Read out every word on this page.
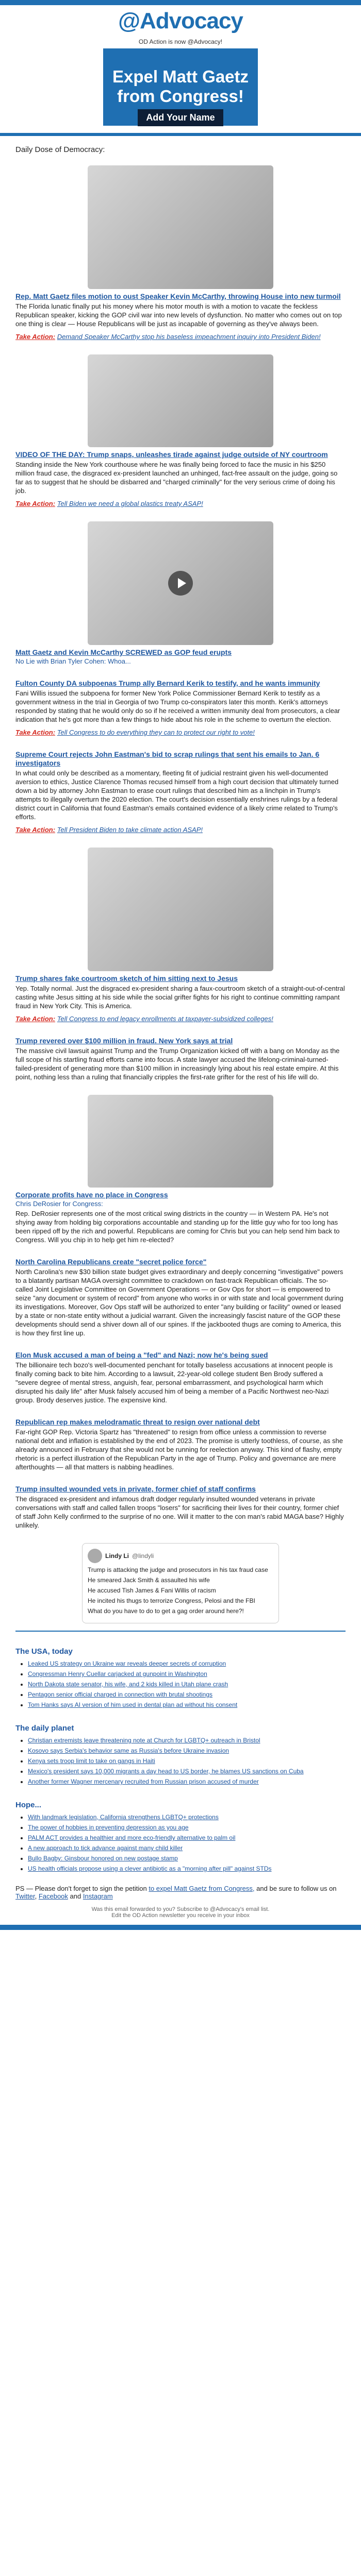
@Advocacy
OD Action is now @Advocacy!
Expel Matt Gaetz from Congress!
Add Your Name
Daily Dose of Democracy:
Rep. Matt Gaetz files motion to oust Speaker Kevin McCarthy, throwing House into new turmoil

The Florida lunatic finally put his money where his motor mouth is with a motion to vacate the feckless Republican speaker, kicking the GOP civil war into new levels of dysfunction. No matter who comes out on top one thing is clear — House Republicans will be just as incapable of governing as they've always been.

Take Action: Demand Speaker McCarthy stop his baseless impeachment inquiry into President Biden!
VIDEO OF THE DAY: Trump snaps, unleashes tirade against judge outside of NY courtroom

Standing inside the New York courthouse where he was finally being forced to face the music in his $250 million fraud case, the disgraced ex-president launched an unhinged, fact-free assault on the judge, going so far as to suggest that he should be disbarred and "charged criminally" for the very serious crime of doing his job.

Take Action: Tell Biden we need a global plastics treaty ASAP!
Matt Gaetz and Kevin McCarthy SCREWED as GOP feud erupts
No Lie with Brian Tyler Cohen: Whoa...
Fulton County DA subpoenas Trump ally Bernard Kerik to testify, and he wants immunity

Fani Willis issued the subpoena for former New York Police Commissioner Bernard Kerik to testify as a government witness in the trial in Georgia of two Trump co-conspirators later this month. Kerik's attorneys responded by stating that he would only do so if he received a written immunity deal from prosecutors, a clear indication that he's got more than a few things to hide about his role in the scheme to overturn the election.

Take Action: Tell Congress to do everything they can to protect our right to vote!
Supreme Court rejects John Eastman's bid to scrap rulings that sent his emails to Jan. 6 investigators

In what could only be described as a momentary, fleeting fit of judicial restraint given his well-documented aversion to ethics, Justice Clarence Thomas recused himself from a high court decision that ultimately turned down a bid by attorney John Eastman to erase court rulings that described him as a linchpin in Trump's attempts to illegally overturn the 2020 election. The court's decision essentially enshrines rulings by a federal district court in California that found Eastman's emails contained evidence of a likely crime related to Trump's efforts.

Take Action: Tell President Biden to take climate action ASAP!
Trump shares fake courtroom sketch of him sitting next to Jesus

Yep. Totally normal. Just the disgraced ex-president sharing a faux-courtroom sketch of a straight-out-of-central casting white Jesus sitting at his side while the social grifter fights for his right to continue committing rampant fraud in New York City. This is America.

Take Action: Tell Congress to end legacy enrollments at taxpayer-subsidized colleges!
Trump revered over $100 million in fraud. New York says at trial

The massive civil lawsuit against Trump and the Trump Organization kicked off with a bang on Monday as the full scope of his startling fraud efforts came into focus. A state lawyer accused the lifelong-criminal-turned-failed-president of generating more than $100 million in increasingly lying about his real estate empire. At this point, nothing less than a ruling that financially cripples the first-rate grifter for the rest of his life will do.

Corporate profits have no place in Congress
Chris DeRosier for Congress:

Rep. DeRosier represents one of the most critical swing districts in the country — in Western PA. He's not shying away from holding big corporations accountable and standing up for the little guy who for too long has been ripped off by the rich and powerful. Republicans are coming for Chris but you can help send him back to Congress. Will you chip in to help get him re-elected?

North Carolina Republicans create "secret police force"

North Carolina's new $30 billion state budget gives extraordinary and deeply concerning "investigative" powers to a blatantly partisan MAGA oversight committee to crackdown on fast-track Republican officials. The so-called Joint Legislative Committee on Government Operations — or Gov Ops for short — is empowered to seize "any document or system of record" from anyone who works in or with state and local government during its investigations. Moreover, Gov Ops staff will be authorized to enter "any building or facility" owned or leased by a state or non-state entity without a judicial warrant. Given the increasingly fascist nature of the GOP these developments should send a shiver down all of our spines. If the jackbooted thugs are coming to America, this is how they first line up.

Elon Musk accused a man of being a "fed" and Nazi; now he's being sued

The billionaire tech bozo's well-documented penchant for totally baseless accusations at innocent people is finally coming back to bite him. According to a lawsuit, 22-year-old college student Ben Brody suffered a "severe degree of mental stress, anguish, fear, personal embarrassment, and psychological harm which disrupted his daily life" after Musk falsely accused him of being a member of a Pacific Northwest neo-Nazi group. Brody deserves justice. The expensive kind.

Republican rep makes melodramatic threat to resign over national debt

Far-right GOP Rep. Victoria Spartz has "threatened" to resign from office unless a commission to reverse national debt and inflation is established by the end of 2023. The promise is utterly toothless, of course, as she already announced in February that she would not be running for reelection anyway. This kind of flashy, empty rhetoric is a perfect illustration of the Republican Party in the age of Trump. Policy and governance are mere afterthoughts — all that matters is nabbing headlines.

Trump insulted wounded vets in private, former chief of staff confirms

The disgraced ex-president and infamous draft dodger regularly insulted wounded veterans in private conversations with staff and called fallen troops "losers" for sacrificing their lives for their country, former chief of staff John Kelly confirmed to the surprise of no one. Will it matter to the con man's rabid MAGA base? Highly unlikely.

Lindy Li @lindyli

Trump is attacking the judge and prosecutors in his tax fraud case

He smeared Jack Smith & assaulted his wife

He accused Tish James & Fani Willis of racism

He incited his thugs to terrorize Congress, Pelosi and the FBI

What do you have to do to get a gag order around here?!

The USA, today
• Leaked US strategy on Ukraine war reveals deeper secrets of corruption
• Congressman Henry Cuellar carjacked at gunpoint in Washington
• North Dakota state senator, his wife, and 2 kids killed in Utah plane crash
• Pentagon senior official charged in connection with brutal shootings
• Tom Hanks says AI version of him used in dental plan ad without his consent
The daily planet
• Christian extremists leave threatening note at Church for LGBTQ+ outreach in Bristol
• Kosovo says Serbia's behavior same as Russia's before Ukraine invasion
• Kenya sets troop limit to take on gangs in Haiti
• Mexico's president says 10,000 migrants a day head to US border, he blames US sanctions on Cuba
• Another former Wagner mercenary recruited from Russian prison accused of murder
Hope...
• With landmark legislation, California strengthens LGBTQ+ protections
• The power of hobbies in preventing depression as you age
• PALM ACT provides a healthier and more eco-friendly alternative to palm oil
• A new approach to tick advance against many child killer
• Bullo Bagby: Ginsbour honored on new postage stamp
• US health officials propose using a clever antibiotic as a "morning after pill" against STDs
PS — Please don't forget to sign the petition to expel Matt Gaetz from Congress, and be sure to follow us on Twitter, Facebook and Instagram
Was this email forwarded to you? Subscribe to @Advocacy's email list.
Edit the OD Action newsletter you receive in your inbox
